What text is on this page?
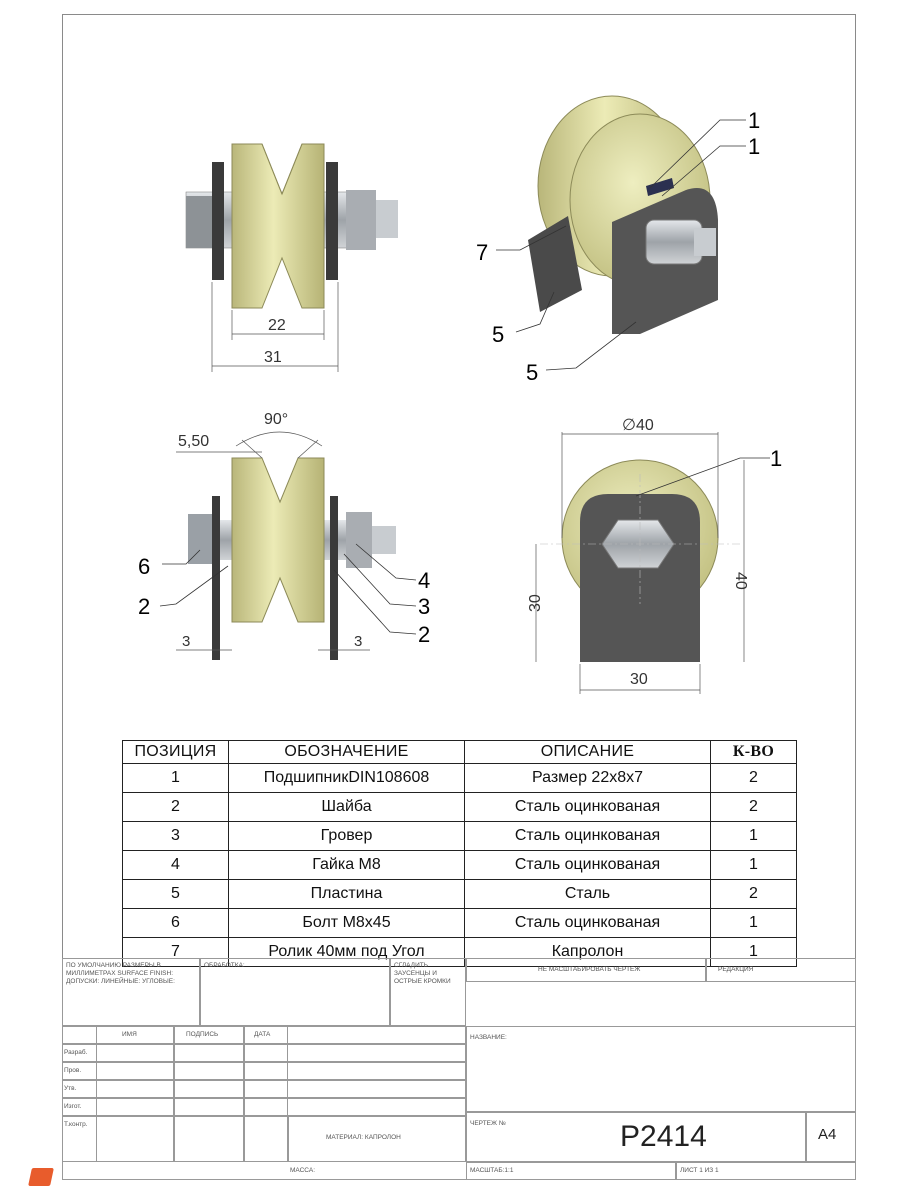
22
31
1
1
7
5
5
90°
5,50
6
2
4
3
2
3	3
1
∅40
30
40
30
ПОЗИЦИЯ	ОБОЗНАЧЕНИЕ	ОПИСАНИЕ	К-ВО
1	ПодшипникDIN108608	Размер 22х8х7	2
2	Шайба	Сталь оцинкованая	2
3	Гровер	Сталь оцинкованая	1
4	Гайка М8	Сталь оцинкованая	1
5	Пластина	Сталь	2
6	Болт М8х45	Сталь оцинкованая	1
7	Ролик 40мм под Угол	Капролон	1
ПО УМОЛЧАНИЮ РАЗМЕРЫ В МИЛЛИМЕТРАХ SURFACE FINISH: ДОПУСКИ: ЛИНЕЙНЫЕ: УГЛОВЫЕ:
ОБРАБОТКА:	СГЛАДИТЬ ЗАУСЕНЦЫ И ОСТРЫЕ КРОМКИ
НЕ МАСШТАБИРОВАТЬ ЧЕРТЕЖ	РЕДАКЦИЯ
ИМЯ	ПОДПИСЬ	ДАТА
Разраб.
Пров.
Утв.
Изгот.
Т.контр.
НАЗВАНИЕ:
МАТЕРИАЛ: КАПРОЛОН
ЧЕРТЕЖ №	P2414	A4
МАССА:	МАСШТАБ:1:1	ЛИСТ 1 ИЗ 1
